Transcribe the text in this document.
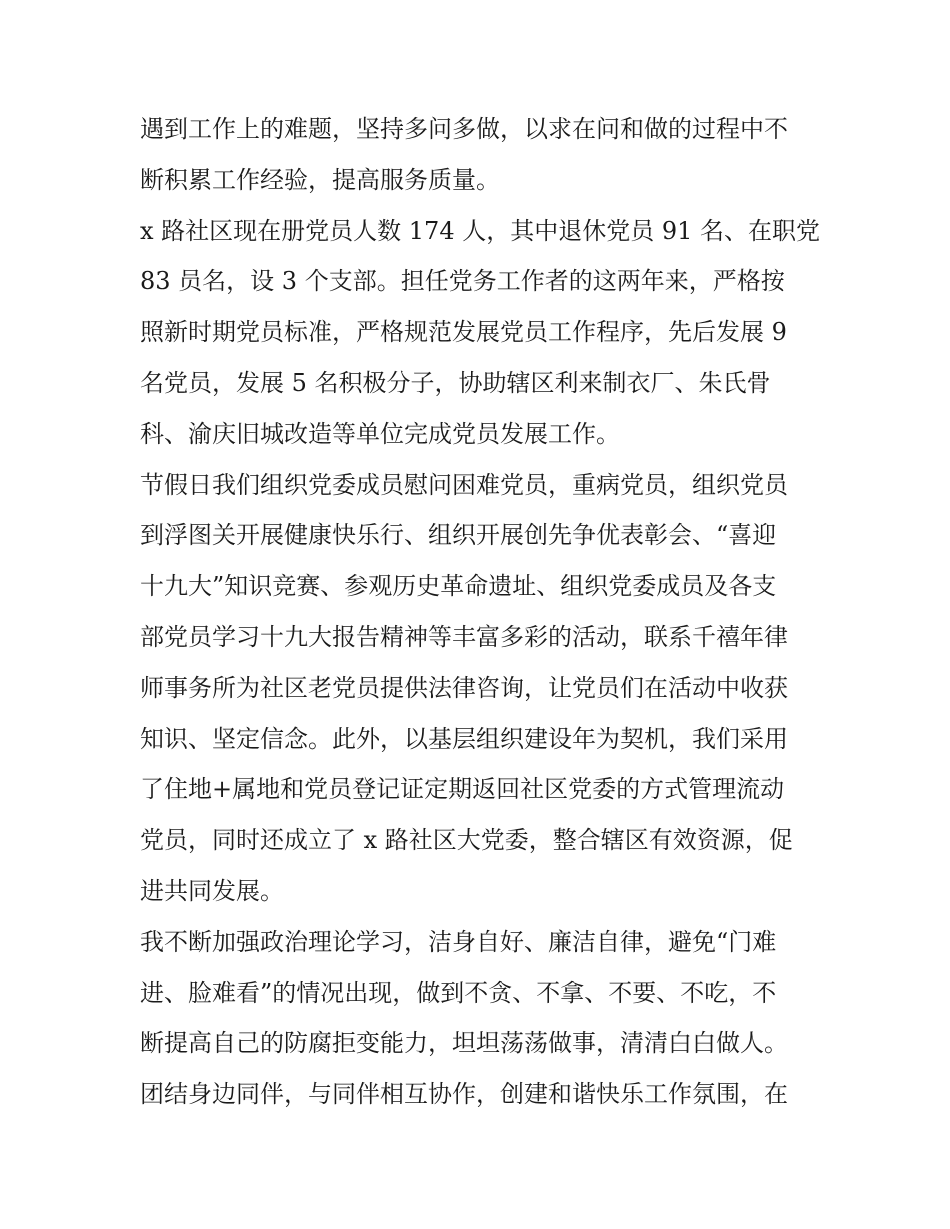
遇到工作上的难题，坚持多问多做，以求在问和做的过程中不
断积累工作经验，提高服务质量。
x 路社区现在册党员人数 174 人，其中退休党员 91 名、在职党
83 员名，设 3 个支部。担任党务工作者的这两年来，严格按
照新时期党员标准，严格规范发展党员工作程序，先后发展 9
名党员，发展 5 名积极分子，协助辖区利来制衣厂、朱氏骨
科、渝庆旧城改造等单位完成党员发展工作。
节假日我们组织党委成员慰问困难党员，重病党员，组织党员
到浮图关开展健康快乐行、组织开展创先争优表彰会、“喜迎
十九大”知识竞赛、参观历史革命遗址、组织党委成员及各支
部党员学习十九大报告精神等丰富多彩的活动，联系千禧年律
师事务所为社区老党员提供法律咨询，让党员们在活动中收获
知识、坚定信念。此外，以基层组织建设年为契机，我们采用
了住地+属地和党员登记证定期返回社区党委的方式管理流动
党员，同时还成立了 x 路社区大党委，整合辖区有效资源，促
进共同发展。
我不断加强政治理论学习，洁身自好、廉洁自律，避免“门难
进、脸难看”的情况出现，做到不贪、不拿、不要、不吃，不
断提高自己的防腐拒变能力，坦坦荡荡做事，清清白白做人。
团结身边同伴，与同伴相互协作，创建和谐快乐工作氛围，在
